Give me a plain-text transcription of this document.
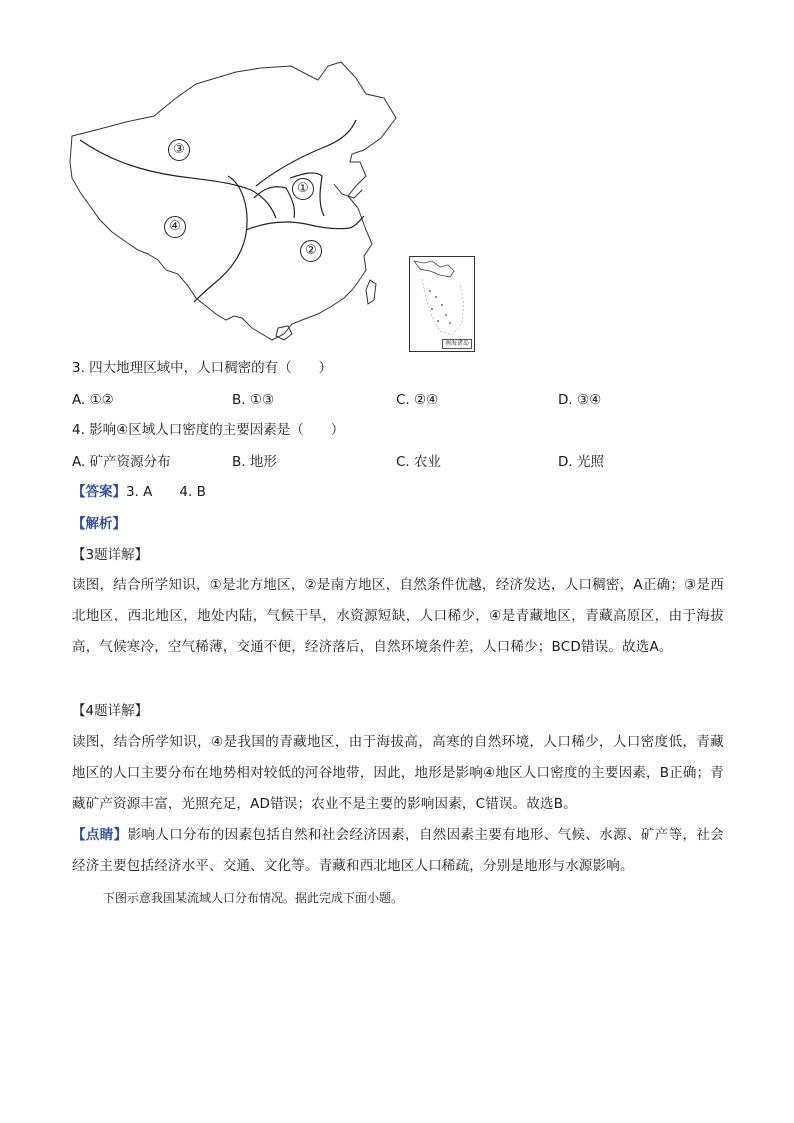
①
②
③
④
南海诸岛
3. 四大地理区域中，人口稠密的有（　　）
A. ①②	B. ①③	C. ②④	D. ③④
4. 影响④区域人口密度的主要因素是（　　）
A. 矿产资源分布	B. 地形	C. 农业	D. 光照
【答案】3. A　　4. B
【解析】
【3题详解】
读图，结合所学知识，①是北方地区，②是南方地区，自然条件优越，经济发达，人口稠密，A正确；③是西北地区，西北地区，地处内陆，气候干旱，水资源短缺，人口稀少，④是青藏地区，青藏高原区，由于海拔高，气候寒冷，空气稀薄，交通不便，经济落后，自然环境条件差，人口稀少；BCD错误。故选A。
【4题详解】
读图，结合所学知识，④是我国的青藏地区，由于海拔高，高寒的自然环境，人口稀少，人口密度低，青藏地区的人口主要分布在地势相对较低的河谷地带，因此，地形是影响④地区人口密度的主要因素，B正确；青藏矿产资源丰富，光照充足，AD错误；农业不是主要的影响因素，C错误。故选B。
【点睛】影响人口分布的因素包括自然和社会经济因素，自然因素主要有地形、气候、水源、矿产等，社会经济主要包括经济水平、交通、文化等。青藏和西北地区人口稀疏，分别是地形与水源影响。
下图示意我国某流域人口分布情况。据此完成下面小题。
